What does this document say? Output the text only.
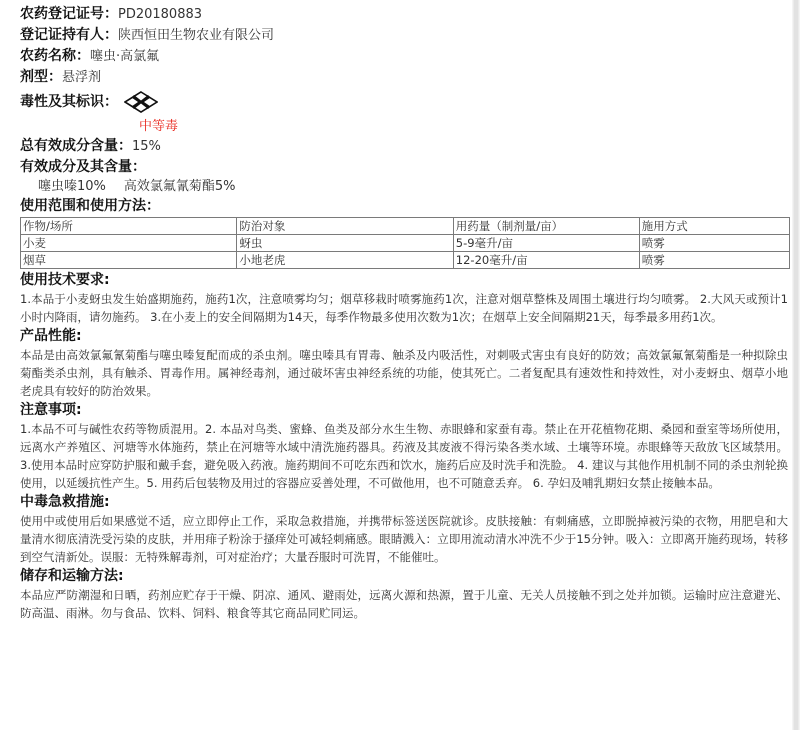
农药登记证号：PD20180883
登记证持有人：陕西恒田生物农业有限公司
农药名称：噻虫·高氯氟
剂型：悬浮剂
毒性及其标识：
中等毒
总有效成分含量：15%
有效成分及其含量：
噻虫嗪10% 高效氯氟氰菊酯5%
使用范围和使用方法：
作物/场所	防治对象	用药量（制剂量/亩）	施用方式
小麦	蚜虫	5-9毫升/亩	喷雾
烟草	小地老虎	12-20毫升/亩	喷雾
使用技术要求:
1.本品于小麦蚜虫发生始盛期施药，施药1次，注意喷雾均匀；烟草移栽时喷雾施药1次，注意对烟草整株及周围土壤进行均匀喷雾。 2.大风天或预计1小时内降雨，请勿施药。 3.在小麦上的安全间隔期为14天，每季作物最多使用次数为1次；在烟草上安全间隔期21天，每季最多用药1次。
产品性能:
本品是由高效氯氟氰菊酯与噻虫嗪复配而成的杀虫剂。噻虫嗪具有胃毒、触杀及内吸活性，对刺吸式害虫有良好的防效；高效氯氟氰菊酯是一种拟除虫菊酯类杀虫剂，具有触杀、胃毒作用。属神经毒剂，通过破坏害虫神经系统的功能，使其死亡。二者复配具有速效性和持效性，对小麦蚜虫、烟草小地老虎具有较好的防治效果。
注意事项:
1.本品不可与碱性农药等物质混用。2. 本品对鸟类、蜜蜂、鱼类及部分水生生物、赤眼蜂和家蚕有毒。禁止在开花植物花期、桑园和蚕室等场所使用，远离水产养殖区、河塘等水体施药，禁止在河塘等水域中清洗施药器具。药液及其废液不得污染各类水域、土壤等环境。赤眼蜂等天敌放飞区域禁用。3.使用本品时应穿防护服和戴手套，避免吸入药液。施药期间不可吃东西和饮水，施药后应及时洗手和洗脸。 4. 建议与其他作用机制不同的杀虫剂轮换使用，以延缓抗性产生。5. 用药后包装物及用过的容器应妥善处理，不可做他用，也不可随意丢弃。 6. 孕妇及哺乳期妇女禁止接触本品。
中毒急救措施:
使用中或使用后如果感觉不适，应立即停止工作，采取急救措施，并携带标签送医院就诊。皮肤接触：有刺痛感，立即脱掉被污染的衣物，用肥皂和大量清水彻底清洗受污染的皮肤，并用痱子粉涂于搔痒处可减轻刺痛感。眼睛溅入：立即用流动清水冲洗不少于15分钟。吸入：立即离开施药现场，转移到空气清新处。误服：无特殊解毒剂，可对症治疗；大量吞服时可洗胃，不能催吐。
储存和运输方法:
本品应严防潮湿和日晒，药剂应贮存于干燥、阴凉、通风、避雨处，远离火源和热源，置于儿童、无关人员接触不到之处并加锁。运输时应注意避光、防高温、雨淋。勿与食品、饮料、饲料、粮食等其它商品同贮同运。
